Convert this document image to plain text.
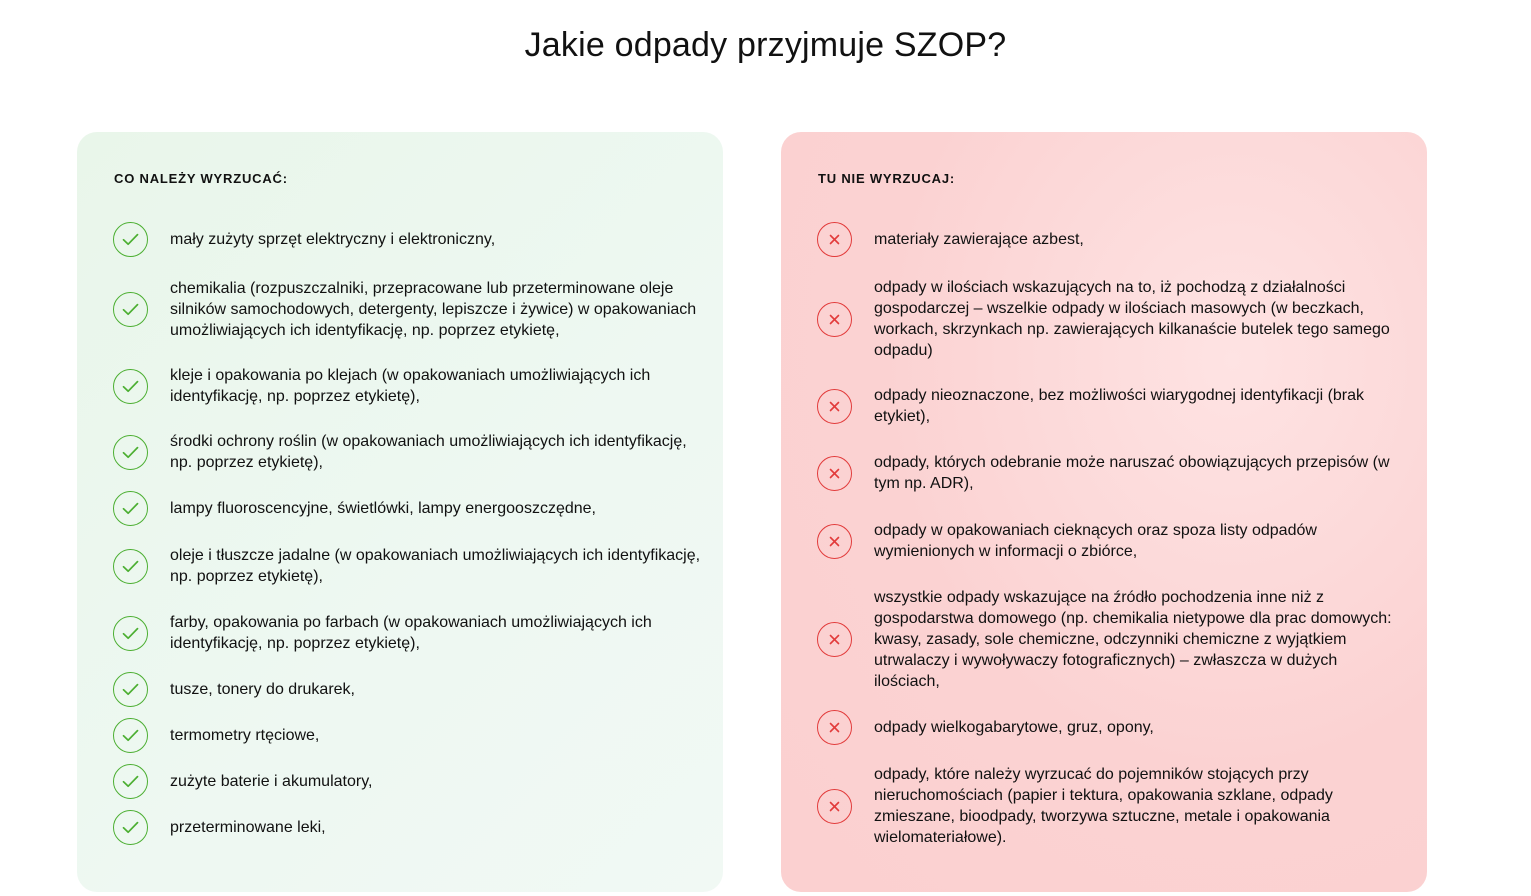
Jakie odpady przyjmuje SZOP?
CO NALEŻY WYRZUCAĆ:
mały zużyty sprzęt elektryczny i elektroniczny,
chemikalia (rozpuszczalniki, przepracowane lub przeterminowane oleje silników samochodowych, detergenty, lepiszcze i żywice) w opakowaniach umożliwiających ich identyfikację, np. poprzez etykietę,
kleje i opakowania po klejach (w opakowaniach umożliwiających ich identyfikację, np. poprzez etykietę),
środki ochrony roślin (w opakowaniach umożliwiających ich identyfikację, np. poprzez etykietę),
lampy fluoroscencyjne, świetlówki, lampy energooszczędne,
oleje i tłuszcze jadalne (w opakowaniach umożliwiających ich identyfikację, np. poprzez etykietę),
farby, opakowania po farbach (w opakowaniach umożliwiających ich identyfikację, np. poprzez etykietę),
tusze, tonery do drukarek,
termometry rtęciowe,
zużyte baterie i akumulatory,
przeterminowane leki,
TU NIE WYRZUCAJ:
materiały zawierające azbest,
odpady w ilościach wskazujących na to, iż pochodzą z działalności gospodarczej – wszelkie odpady w ilościach masowych (w beczkach, workach, skrzynkach np. zawierających kilkanaście butelek tego samego odpadu)
odpady nieoznaczone, bez możliwości wiarygodnej identyfikacji (brak etykiet),
odpady, których odebranie może naruszać obowiązujących przepisów (w tym np. ADR),
odpady w opakowaniach cieknących oraz spoza listy odpadów wymienionych w informacji o zbiórce,
wszystkie odpady wskazujące na źródło pochodzenia inne niż z gospodarstwa domowego (np. chemikalia nietypowe dla prac domowych: kwasy, zasady, sole chemiczne, odczynniki chemiczne z wyjątkiem utrwalaczy i wywoływaczy fotograficznych) – zwłaszcza w dużych ilościach,
odpady wielkogabarytowe, gruz, opony,
odpady, które należy wyrzucać do pojemników stojących przy nieruchomościach (papier i tektura, opakowania szklane, odpady zmieszane, bioodpady, tworzywa sztuczne, metale i opakowania wielomateriałowe).
